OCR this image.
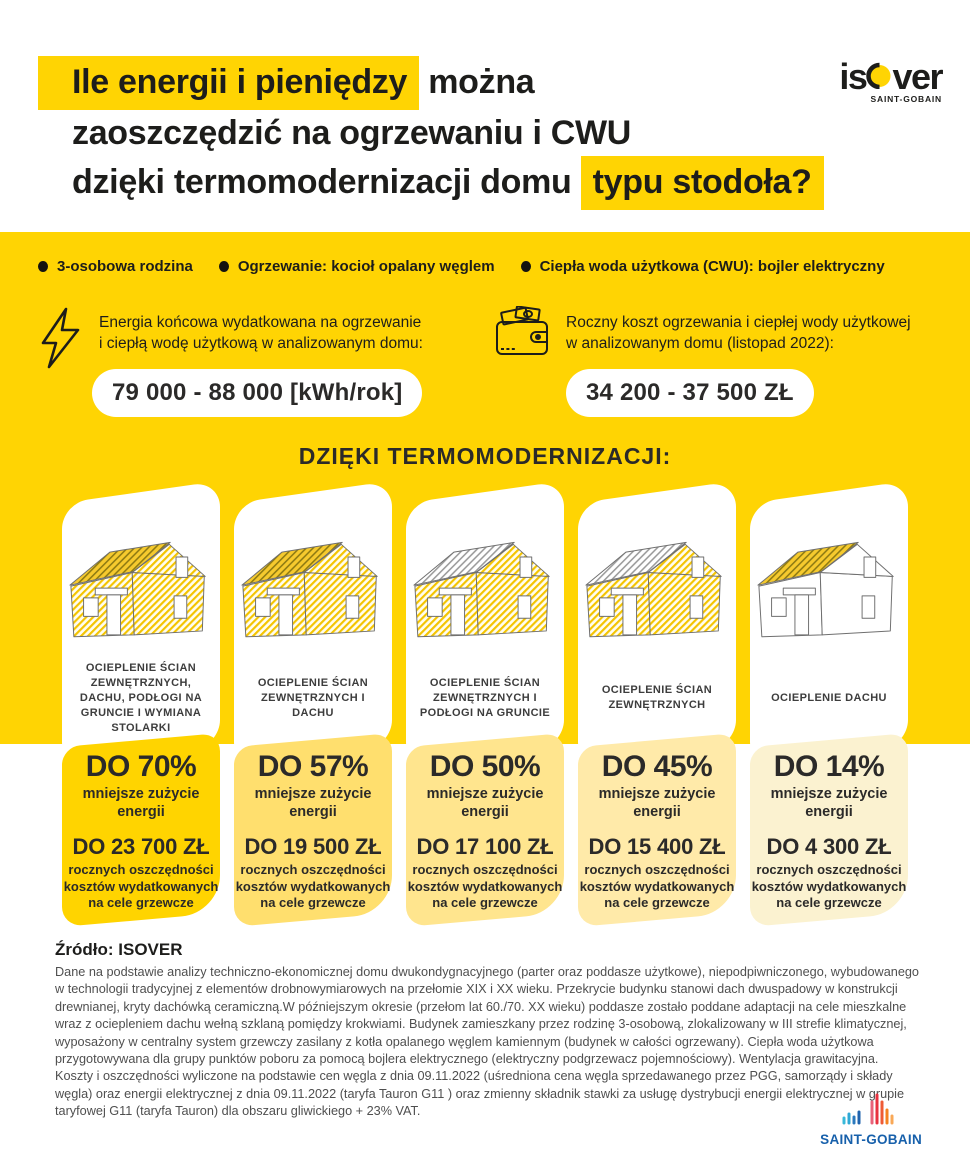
Ile energii i pieniędzy można
zaoszczędzić na ogrzewaniu i CWU
dzięki termomodernizacji domu typu stodoła?
is ver
SAINT-GOBAIN
3-osobowa rodzina	Ogrzewanie: kocioł opalany węglem	Ciepła woda użytkowa (CWU): bojler elektryczny
Energia końcowa wydatkowana na ogrzewanie
i ciepłą wodę użytkową w analizowanym domu:
79 000 - 88 000 [kWh/rok]
Roczny koszt ogrzewania i ciepłej wody użytkowej
w analizowanym domu (listopad 2022):
34 200 - 37 500 ZŁ
DZIĘKI TERMOMODERNIZACJI:
OCIEPLENIE ŚCIAN ZEWNĘTRZNYCH, DACHU, PODŁOGI NA GRUNCIE I WYMIANA STOLARKI
DO 70%
mniejsze zużycie energii
DO 23 700 ZŁ
rocznych oszczędności kosztów wydatkowanych na cele grzewcze
OCIEPLENIE ŚCIAN ZEWNĘTRZNYCH I DACHU
DO 57%
mniejsze zużycie energii
DO 19 500 ZŁ
rocznych oszczędności kosztów wydatkowanych na cele grzewcze
OCIEPLENIE ŚCIAN ZEWNĘTRZNYCH I PODŁOGI NA GRUNCIE
DO 50%
mniejsze zużycie energii
DO 17 100 ZŁ
rocznych oszczędności kosztów wydatkowanych na cele grzewcze
OCIEPLENIE ŚCIAN ZEWNĘTRZNYCH
DO 45%
mniejsze zużycie energii
DO 15 400 ZŁ
rocznych oszczędności kosztów wydatkowanych na cele grzewcze
OCIEPLENIE DACHU
DO 14%
mniejsze zużycie energii
DO 4 300 ZŁ
rocznych oszczędności kosztów wydatkowanych na cele grzewcze
Źródło: ISOVER

Dane na podstawie analizy techniczno-ekonomicznej domu dwukondygnacyjnego (parter oraz poddasze użytkowe), niepodpiwniczonego, wybudowanego w technologii tradycyjnej z elementów drobnowymiarowych na przełomie XIX i XX wieku. Przekrycie budynku stanowi dach dwuspadowy w konstrukcji drewnianej, kryty dachówką ceramiczną.W późniejszym okresie (przełom lat 60./70. XX wieku) poddasze zostało poddane adaptacji na cele mieszkalne wraz z ociepleniem dachu wełną szklaną pomiędzy krokwiami. Budynek zamieszkany przez rodzinę 3-osobową, zlokalizowany w III strefie klimatycznej, wyposażony w centralny system grzewczy zasilany z kotła opalanego węglem kamiennym (budynek w całości ogrzewany). Ciepła woda użytkowa przygotowywana dla grupy punktów poboru za pomocą bojlera elektrycznego (elektryczny podgrzewacz pojemnościowy). Wentylacja grawitacyjna.

Koszty i oszczędności wyliczone na podstawie cen węgla z dnia 09.11.2022 (uśredniona cena węgla sprzedawanego przez PGG, samorządy i składy węgla) oraz energii elektrycznej z dnia 09.11.2022 (taryfa Tauron G11 ) oraz zmienny składnik stawki za usługę dystrybucji energii elektrycznej w grupie taryfowej G11 (taryfa Tauron) dla obszaru gliwickiego + 23% VAT.

SAINT-GOBAIN
